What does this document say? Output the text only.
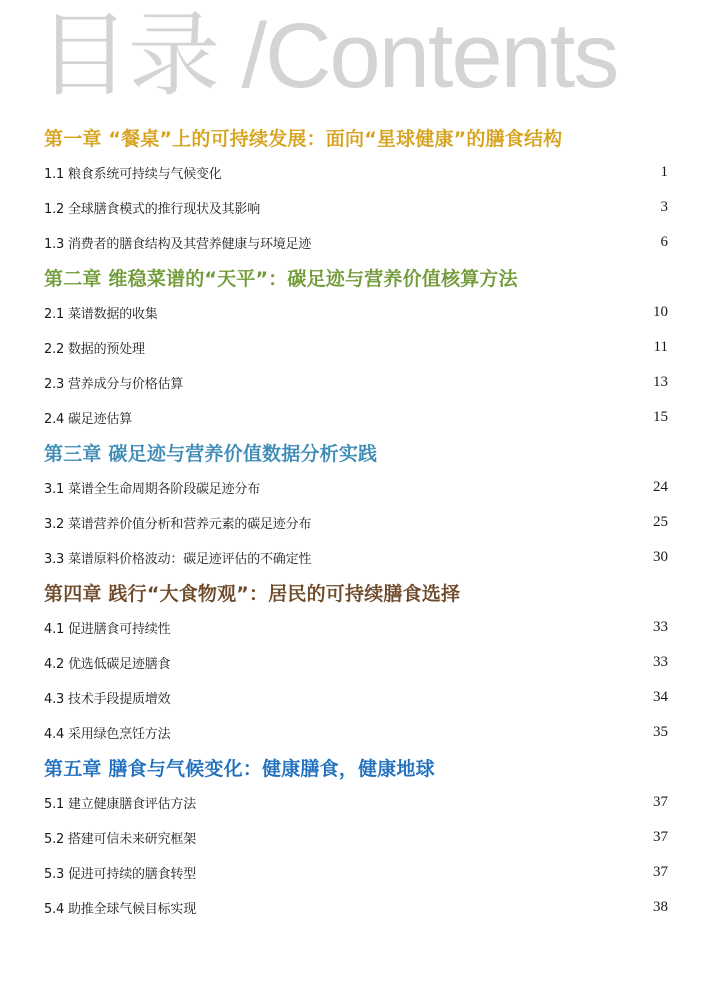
目录 /Contents
第一章 “餐桌”上的可持续发展：面向“星球健康”的膳食结构
1.1 粮食系统可持续与气候变化	1
1.2 全球膳食模式的推行现状及其影响	3
1.3 消费者的膳食结构及其营养健康与环境足迹	6
第二章 维稳菜谱的“天平”：碳足迹与营养价值核算方法
2.1 菜谱数据的收集	10
2.2 数据的预处理	11
2.3 营养成分与价格估算	13
2.4 碳足迹估算	15
第三章 碳足迹与营养价值数据分析实践
3.1 菜谱全生命周期各阶段碳足迹分布	24
3.2 菜谱营养价值分析和营养元素的碳足迹分布	25
3.3 菜谱原料价格波动：碳足迹评估的不确定性	30
第四章 践行“大食物观”：居民的可持续膳食选择
4.1 促进膳食可持续性	33
4.2 优选低碳足迹膳食	33
4.3 技术手段提质增效	34
4.4 采用绿色烹饪方法	35
第五章 膳食与气候变化：健康膳食，健康地球
5.1 建立健康膳食评估方法	37
5.2 搭建可信未来研究框架	37
5.3 促进可持续的膳食转型	37
5.4 助推全球气候目标实现	38
